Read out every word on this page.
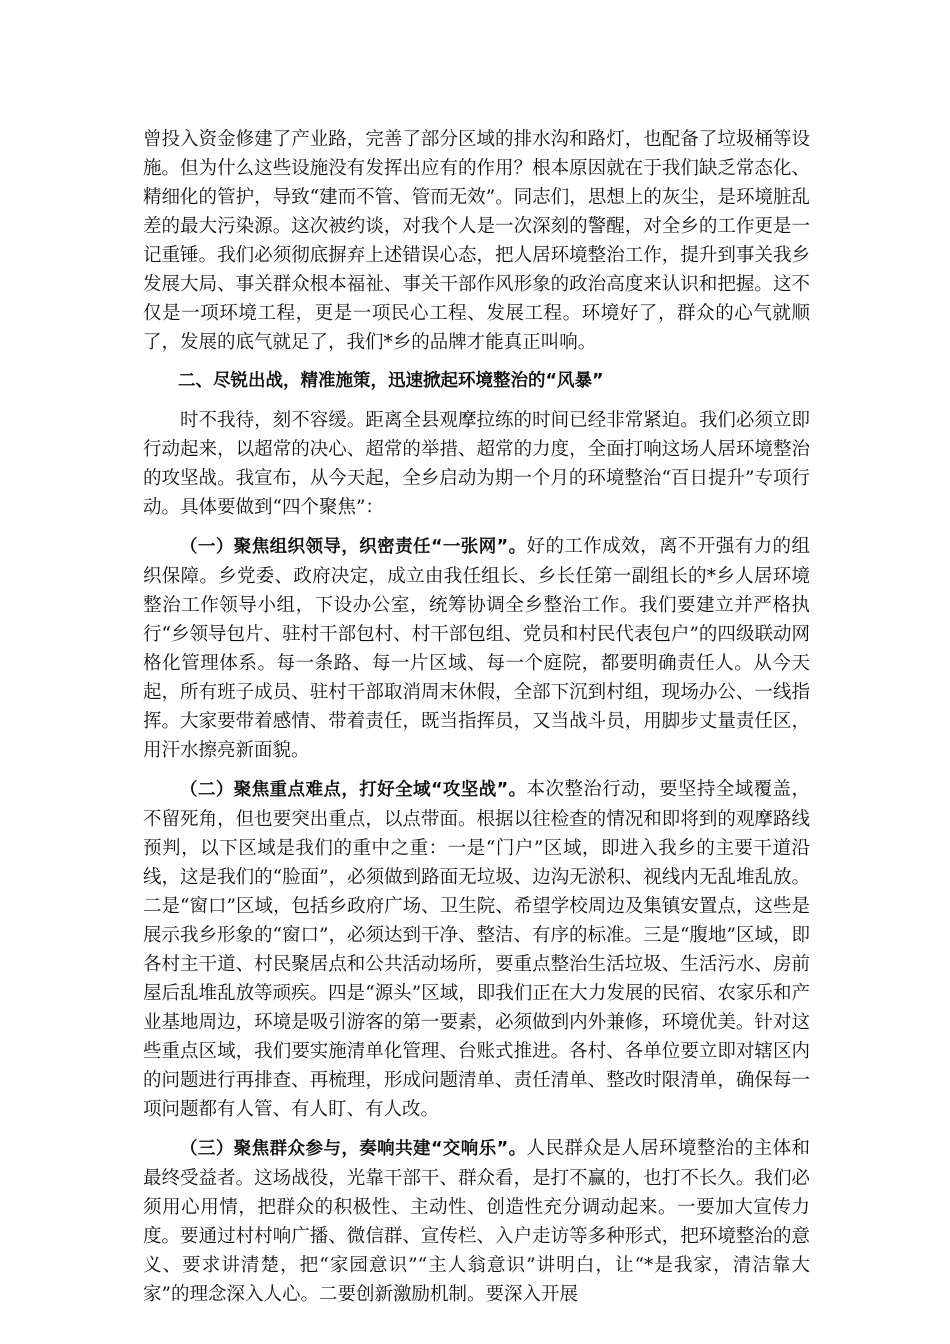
曾投入资金修建了产业路，完善了部分区域的排水沟和路灯，也配备了垃圾桶等设施。但为什么这些设施没有发挥出应有的作用？根本原因就在于我们缺乏常态化、精细化的管护，导致“建而不管、管而无效”。同志们，思想上的灰尘，是环境脏乱差的最大污染源。这次被约谈，对我个人是一次深刻的警醒，对全乡的工作更是一记重锤。我们必须彻底摒弃上述错误心态，把人居环境整治工作，提升到事关我乡发展大局、事关群众根本福祉、事关干部作风形象的政治高度来认识和把握。这不仅是一项环境工程，更是一项民心工程、发展工程。环境好了，群众的心气就顺了，发展的底气就足了，我们*乡的品牌才能真正叫响。

二、尽锐出战，精准施策，迅速掀起环境整治的“风暴”

时不我待，刻不容缓。距离全县观摩拉练的时间已经非常紧迫。我们必须立即行动起来，以超常的决心、超常的举措、超常的力度，全面打响这场人居环境整治的攻坚战。我宣布，从今天起，全乡启动为期一个月的环境整治“百日提升”专项行动。具体要做到“四个聚焦”：

（一）聚焦组织领导，织密责任“一张网”。好的工作成效，离不开强有力的组织保障。乡党委、政府决定，成立由我任组长、乡长任第一副组长的*乡人居环境整治工作领导小组，下设办公室，统筹协调全乡整治工作。我们要建立并严格执行“乡领导包片、驻村干部包村、村干部包组、党员和村民代表包户”的四级联动网格化管理体系。每一条路、每一片区域、每一个庭院，都要明确责任人。从今天起，所有班子成员、驻村干部取消周末休假，全部下沉到村组，现场办公、一线指挥。大家要带着感情、带着责任，既当指挥员，又当战斗员，用脚步丈量责任区，用汗水擦亮新面貌。

（二）聚焦重点难点，打好全域“攻坚战”。本次整治行动，要坚持全域覆盖，不留死角，但也要突出重点，以点带面。根据以往检查的情况和即将到的观摩路线预判，以下区域是我们的重中之重：一是“门户”区域，即进入我乡的主要干道沿线，这是我们的“脸面”，必须做到路面无垃圾、边沟无淤积、视线内无乱堆乱放。二是“窗口”区域，包括乡政府广场、卫生院、希望学校周边及集镇安置点，这些是展示我乡形象的“窗口”，必须达到干净、整洁、有序的标准。三是“腹地”区域，即各村主干道、村民聚居点和公共活动场所，要重点整治生活垃圾、生活污水、房前屋后乱堆乱放等顽疾。四是“源头”区域，即我们正在大力发展的民宿、农家乐和产业基地周边，环境是吸引游客的第一要素，必须做到内外兼修，环境优美。针对这些重点区域，我们要实施清单化管理、台账式推进。各村、各单位要立即对辖区内的问题进行再排查、再梳理，形成问题清单、责任清单、整改时限清单，确保每一项问题都有人管、有人盯、有人改。

（三）聚焦群众参与，奏响共建“交响乐”。人民群众是人居环境整治的主体和最终受益者。这场战役，光靠干部干、群众看，是打不赢的，也打不长久。我们必须用心用情，把群众的积极性、主动性、创造性充分调动起来。一要加大宣传力度。要通过村村响广播、微信群、宣传栏、入户走访等多种形式，把环境整治的意义、要求讲清楚，把“家园意识”“主人翁意识”讲明白，让“*是我家，清洁靠大家”的理念深入人心。二要创新激励机制。要深入开展
